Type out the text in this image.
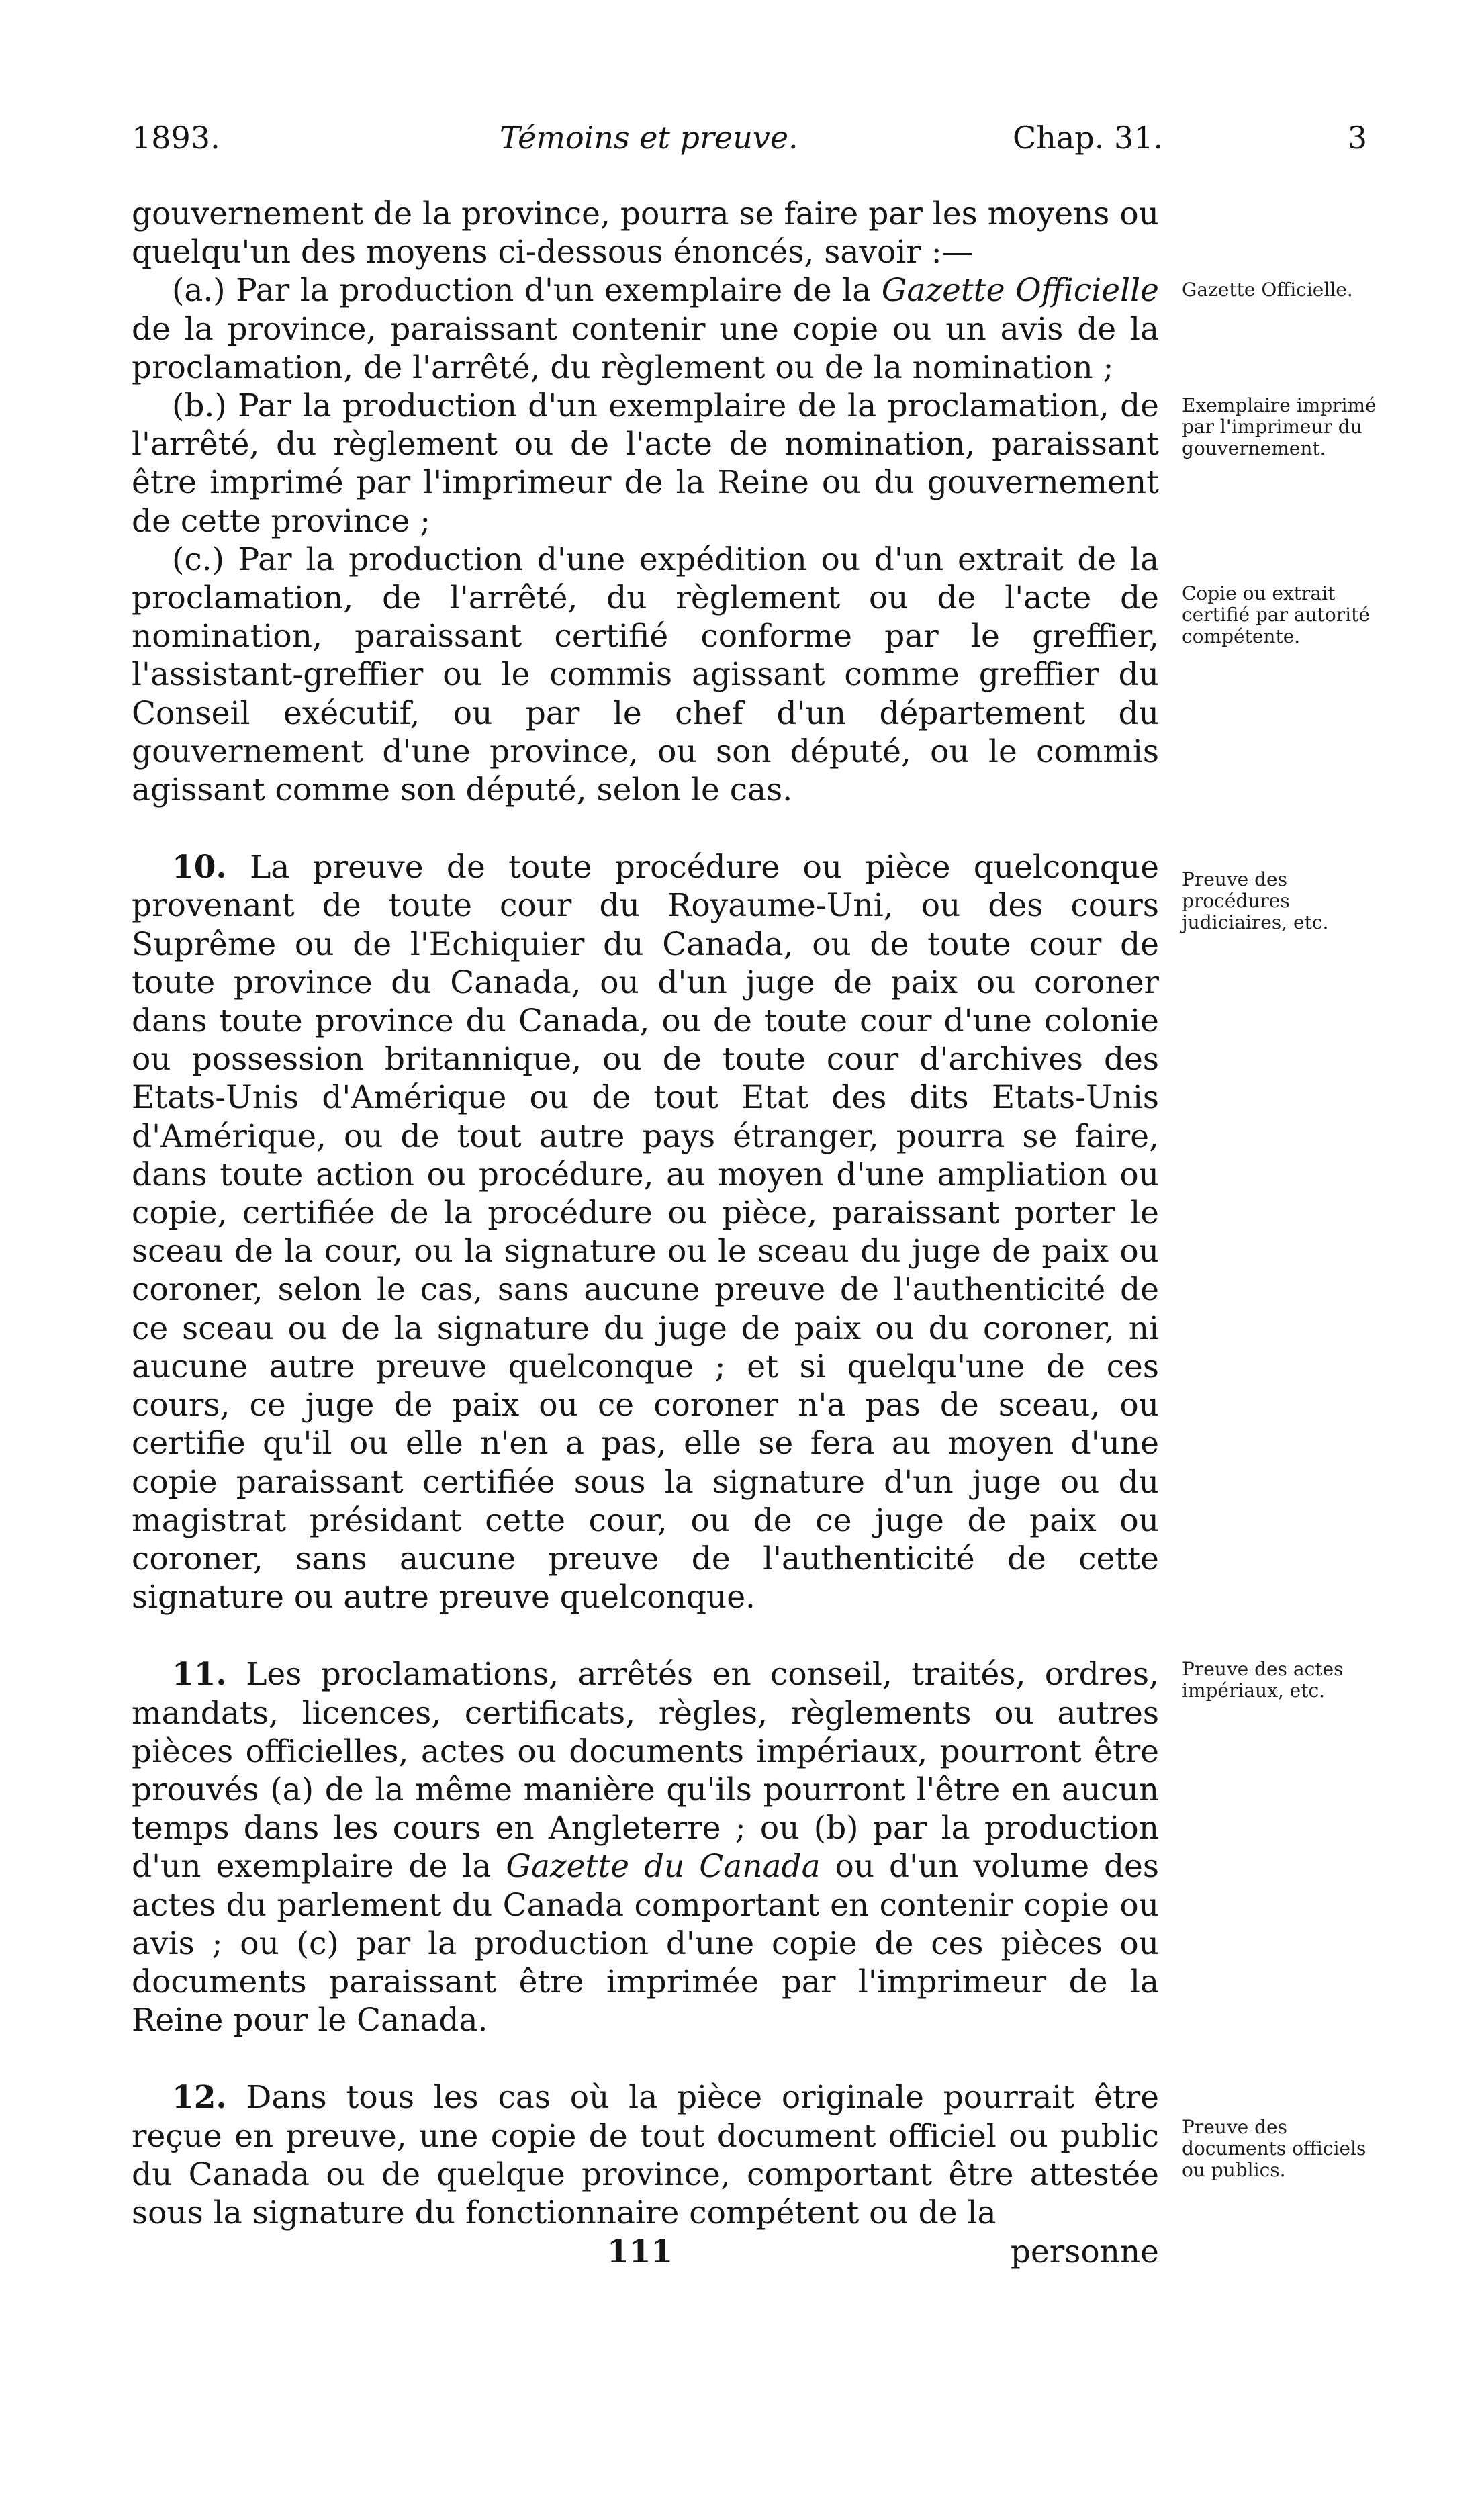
1893.	Témoins et preuve.	Chap. 31.	3

gouvernement de la province, pourra se faire par les moyens ou quelqu'un des moyens ci-dessous énoncés, savoir :—

(a.) Par la production d'un exemplaire de la Gazette Officielle de la province, paraissant contenir une copie ou un avis de la proclamation, de l'arrêté, du règlement ou de la nomination ;

(b.) Par la production d'un exemplaire de la proclamation, de l'arrêté, du règlement ou de l'acte de nomination, paraissant être imprimé par l'imprimeur de la Reine ou du gouvernement de cette province ;

(c.) Par la production d'une expédition ou d'un extrait de la proclamation, de l'arrêté, du règlement ou de l'acte de nomination, paraissant certifié conforme par le greffier, l'assistant-greffier ou le commis agissant comme greffier du Conseil exécutif, ou par le chef d'un département du gouvernement d'une province, ou son député, ou le commis agissant comme son député, selon le cas.

10. La preuve de toute procédure ou pièce quelconque provenant de toute cour du Royaume-Uni, ou des cours Suprême ou de l'Echiquier du Canada, ou de toute cour de toute province du Canada, ou d'un juge de paix ou coroner dans toute province du Canada, ou de toute cour d'une colonie ou possession britannique, ou de toute cour d'archives des Etats-Unis d'Amérique ou de tout Etat des dits Etats-Unis d'Amérique, ou de tout autre pays étranger, pourra se faire, dans toute action ou procédure, au moyen d'une ampliation ou copie, certifiée de la procédure ou pièce, paraissant porter le sceau de la cour, ou la signature ou le sceau du juge de paix ou coroner, selon le cas, sans aucune preuve de l'authenticité de ce sceau ou de la signature du juge de paix ou du coroner, ni aucune autre preuve quelconque ; et si quelqu'une de ces cours, ce juge de paix ou ce coroner n'a pas de sceau, ou certifie qu'il ou elle n'en a pas, elle se fera au moyen d'une copie paraissant certifiée sous la signature d'un juge ou du magistrat présidant cette cour, ou de ce juge de paix ou coroner, sans aucune preuve de l'authenticité de cette signature ou autre preuve quelconque.

11. Les proclamations, arrêtés en conseil, traités, ordres, mandats, licences, certificats, règles, règlements ou autres pièces officielles, actes ou documents impériaux, pourront être prouvés (a) de la même manière qu'ils pourront l'être en aucun temps dans les cours en Angleterre ; ou (b) par la production d'un exemplaire de la Gazette du Canada ou d'un volume des actes du parlement du Canada comportant en contenir copie ou avis ; ou (c) par la production d'une copie de ces pièces ou documents paraissant être imprimée par l'imprimeur de la Reine pour le Canada.

12. Dans tous les cas où la pièce originale pourrait être reçue en preuve, une copie de tout document officiel ou public du Canada ou de quelque province, comportant être attestée sous la signature du fonctionnaire compétent ou de la

Gazette Officielle.
Exemplaire imprimé par l'imprimeur du gouvernement.
Copie ou extrait certifié par autorité compétente.
Preuve des procédures judiciaires, etc.
Preuve des actes impériaux, etc.
Preuve des documents officiels ou publics.
111	personne
